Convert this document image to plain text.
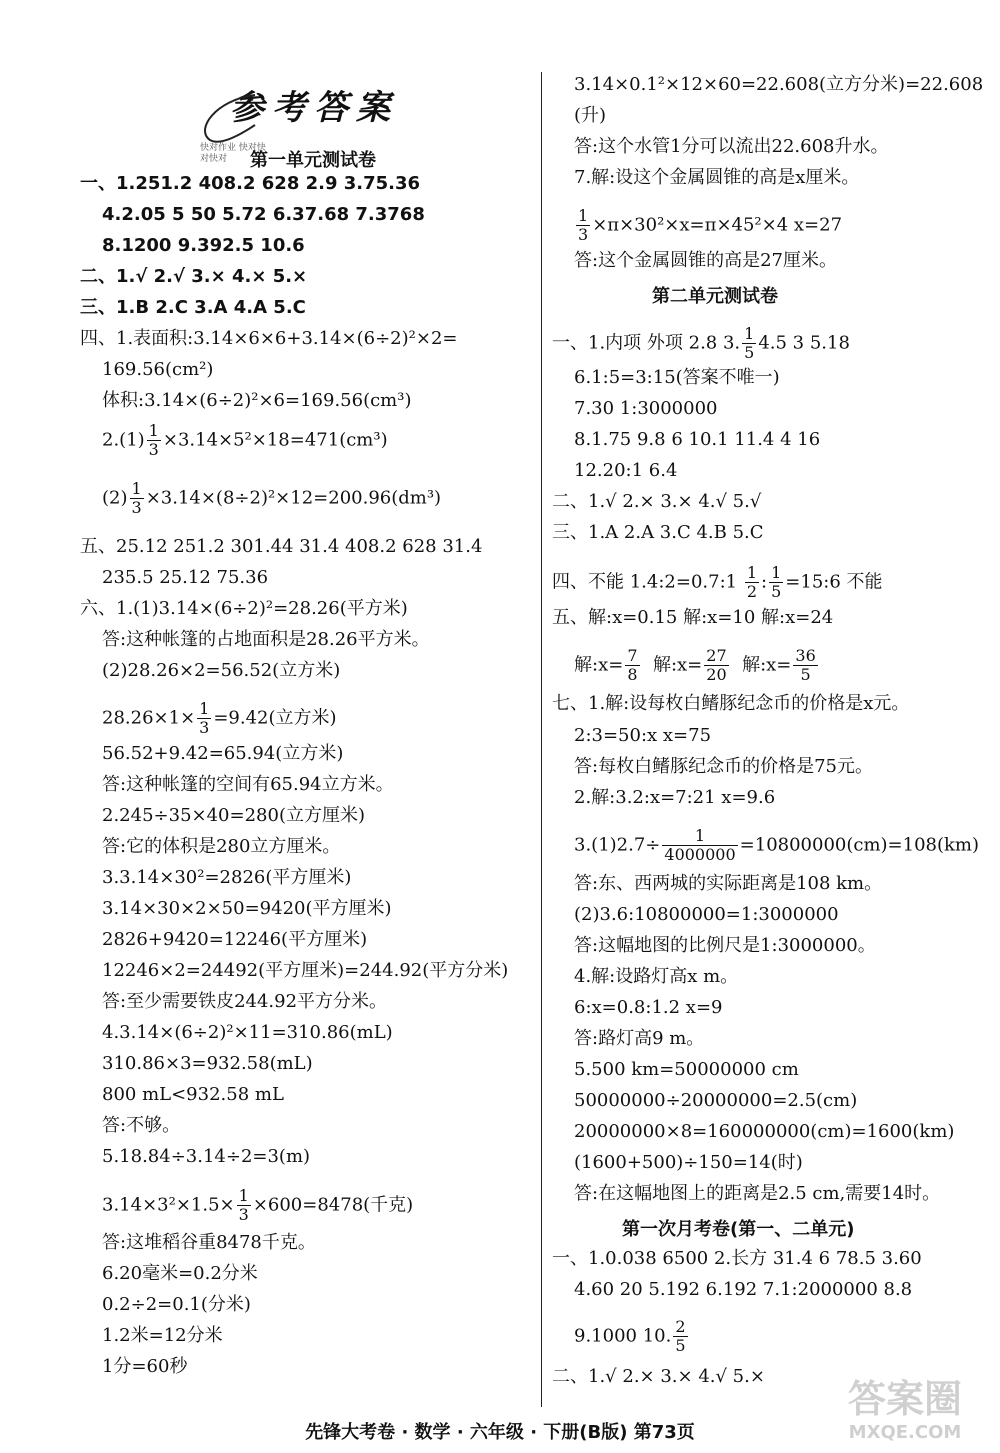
参考答案
快对作业 快对快对快对	第一单元测试卷
一、1.251.2 408.2 628 2.9 3.75.36
4.2.05 5 50 5.72 6.37.68 7.3768
8.1200 9.392.5 10.6
二、1.√ 2.√ 3.× 4.× 5.×
三、1.B 2.C 3.A 4.A 5.C
四、1.表面积:3.14×6×6+3.14×(6÷2)²×2=
169.56(cm²)
体积:3.14×(6÷2)²×6=169.56(cm³)
$2.(1) \frac{1}{3} \times 3.14\times 5^2\times 18=471(cm^3)$
$(2) \frac{1}{3} \times 3.14\times(8\div 2)^2\times 12=200.96(dm^3)$
五、25.12 251.2 301.44 31.4 408.2 628 31.4
235.5 25.12 75.36
六、1.(1)3.14×(6÷2)²=28.26(平方米)
答:这种帐篷的占地面积是28.26平方米。
(2)28.26×2=56.52(立方米)
$28.26\times 1\times \frac{1}{3} =9.42$(立方米)
56.52+9.42=65.94(立方米)
答:这种帐篷的空间有65.94立方米。
2.245÷35×40=280(立方厘米)
答:它的体积是280立方厘米。
3.3.14×30²=2826(平方厘米)
3.14×30×2×50=9420(平方厘米)
2826+9420=12246(平方厘米)
12246×2=24492(平方厘米)=244.92(平方分米)
答:至少需要铁皮244.92平方分米。
4.3.14×(6÷2)²×11=310.86(mL)
310.86×3=932.58(mL)
800 mL<932.58 mL
答:不够。
5.18.84÷3.14÷2=3(m)
$3.14\times 3^2\times 1.5\times \frac{1}{3} \times 600=8478$(千克)
答:这堆稻谷重8478千克。
6.20毫米=0.2分米
0.2÷2=0.1(分米)
1.2米=12分米
1分=60秒
3.14×0.1²×12×60=22.608(立方分米)=22.608
(升)
答:这个水管1分可以流出22.608升水。
7.解:设这个金属圆锥的高是x厘米。
$\frac{1}{3} \times\pi\times 30^2\times x=\pi\times 45^2\times 4$ x=27
答:这个金属圆锥的高是27厘米。
第二单元测试卷
一、1.内项 外项 2.8 3. $\frac{1}{5} 4.5$ 3 5.18
6.1:5=3:15(答案不唯一)
7.30 1:3000000
8.1.75 9.8 6 10.1 11.4 4 16
12.20:1 6.4
二、1.√ 2.× 3.× 4.√ 5.√
三、1.A 2.A 3.C 4.B 5.C
四、不能 1.4:2=0.7:1 $\frac{1}{2}$ : $\frac{1}{5}$ =15:6 不能
五、解:x=0.15 解:x=10 解:x=24
解:x= $\frac{7}{8}$ 解:x= $\frac{27}{20}$ 解:x= $\frac{36}{5}$
七、1.解:设每枚白鳍豚纪念币的价格是x元。
2:3=50:x x=75
答:每枚白鳍豚纪念币的价格是75元。
2.解:3.2:x=7:21 x=9.6
$3.(1)2.7\div \frac{1}{4000000} =10800000(cm)=108(km)$
答:东、西两城的实际距离是108 km。
(2)3.6:10800000=1:3000000
答:这幅地图的比例尺是1:3000000。
4.解:设路灯高x m。
6:x=0.8:1.2 x=9
答:路灯高9 m。
5.500 km=50000000 cm
50000000÷20000000=2.5(cm)
20000000×8=160000000(cm)=1600(km)
(1600+500)÷150=14(时)
答:在这幅地图上的距离是2.5 cm,需要14时。
第一次月考卷(第一、二单元)
一、1.0.038 6500 2.长方 31.4 6 78.5 3.60
4.60 20 5.192 6.192 7.1:2000000 8.8
9.1000 10. $\frac{2}{5}$
二、1.√ 2.× 3.× 4.√ 5.×
答案圈
MXQE.COM
先锋大考卷 · 数学 · 六年级 · 下册(B版) 第73页
